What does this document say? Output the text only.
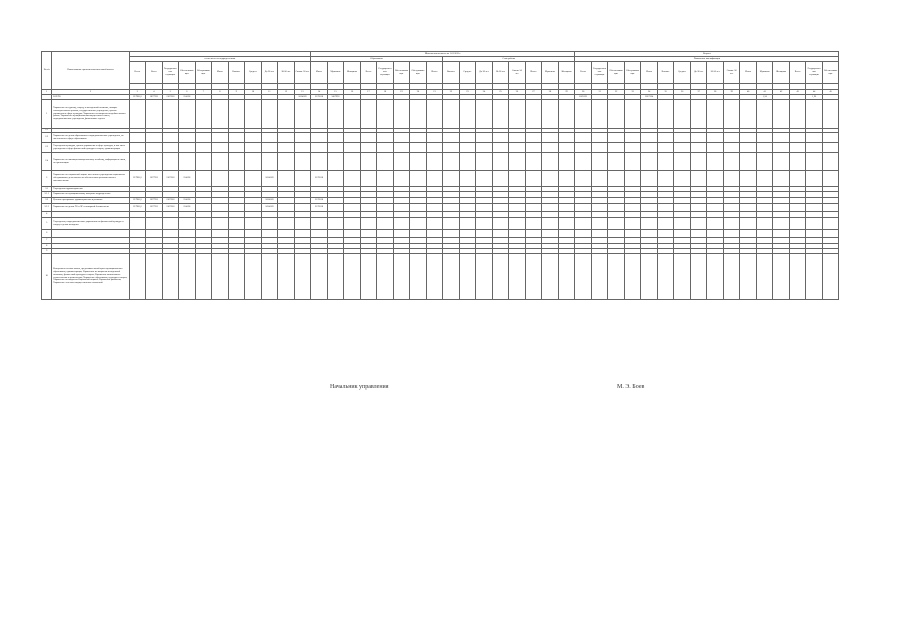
№ п/п	Наименование органов исполнительной власти												Штатная численность на 1.01.2015 г.																Возраст															
		в том числе по подразделениям											Образование								Стаж работы								Повышение квалификации															
		Всего	Всего	Государственные служащие	Обеспечивающие	Обслуживающие	Итого	Высшее	Среднее	До 30 лет	30-50 лет	Свыше 50 лет	Итого	Мужчины	Женщины	Всего	Государственные служащие	Обеспечивающие	Обслуживающие	Итого	Высшее	Среднее	До 30 лет	30-50 лет	Свыше 50 лет	Итого	Мужчины	Женщины	Всего	Государственные служащие	Обеспечивающие	Обслуживающие	Итого	Высшее	Среднее	До 30 лет	30-50 лет	Свыше 50 лет	Итого	Мужчины	Женщины	Всего	Государственные служащие	Обеспечивающие

1	2	3	4	5	6	7	8	9	10	11	12	13	14	15	16	17	18	19	20	21	22	23	24	25	26	27	28	29	30	31	32	33	34	35	36	37	38	39	40	41	42	43	44	45
	ВСЕГО	217985,6	1877933	1367203	254138							1034109	3178318	3457992															1025321				2017254							1,24			1,96	
1	Управление по туризму, спорту, и молодежной политике, аппарат законодательных органов, государственные учреждения, органы управления в сфере культуры; Управление по вопросам потребительского рынка; Управление муниципальным имуществом и связи, подведомственные учреждения, финансовые отделы																																											
2.1																																												
2.2	Управление по делам образования и подведомственные учреждения, по численности в сфере образования																																											
2.3	Учреждения культуры, органы управления в сфере культуры, в том числе учреждения в сфере физической культуры и спорта, администрации																																											
2.4	Управление по жилищно-коммунальному хозяйству, информации и связи, по организации																																											
3	Управление по социальной защите населения и учреждения социального обслуживания; деятельность по обеспечению органами опеки и попечительства	217985,6	1677931	1367203	254138					1034109			3178318																															
3.1	Учреждения здравоохранения																																											
3.1.1	Управление по муниципальному контролю подразделения																																											
3.2	Целевые программы: здравоохранения и развития	217985,6	1677931	1367203	254138					1034109			3178318																															
3.2.1	Управление по делам ГО и ЧС и пожарной безопасности	217985,6	1677931	1367203	254138					1034109			3178318																															
4																																												
5	Учреждения, подведомственные управлению по физической культуре и спорту и делам молодежи																																											
6																																												
7																																												
8																																												
9																																												
10	Контрольно-счетная палата, представительный орган муниципального образования, администрация; Управление по вопросам молодежной политики, физической культуры и спорта; Управление капитального строительства и архитектуры; Управление образования, культуры и спорта; Управление по вопросам социальной защиты; Управление финансов; Управление земельно-имущественных отношений																																											
Начальник управления	М. Э. Боев
